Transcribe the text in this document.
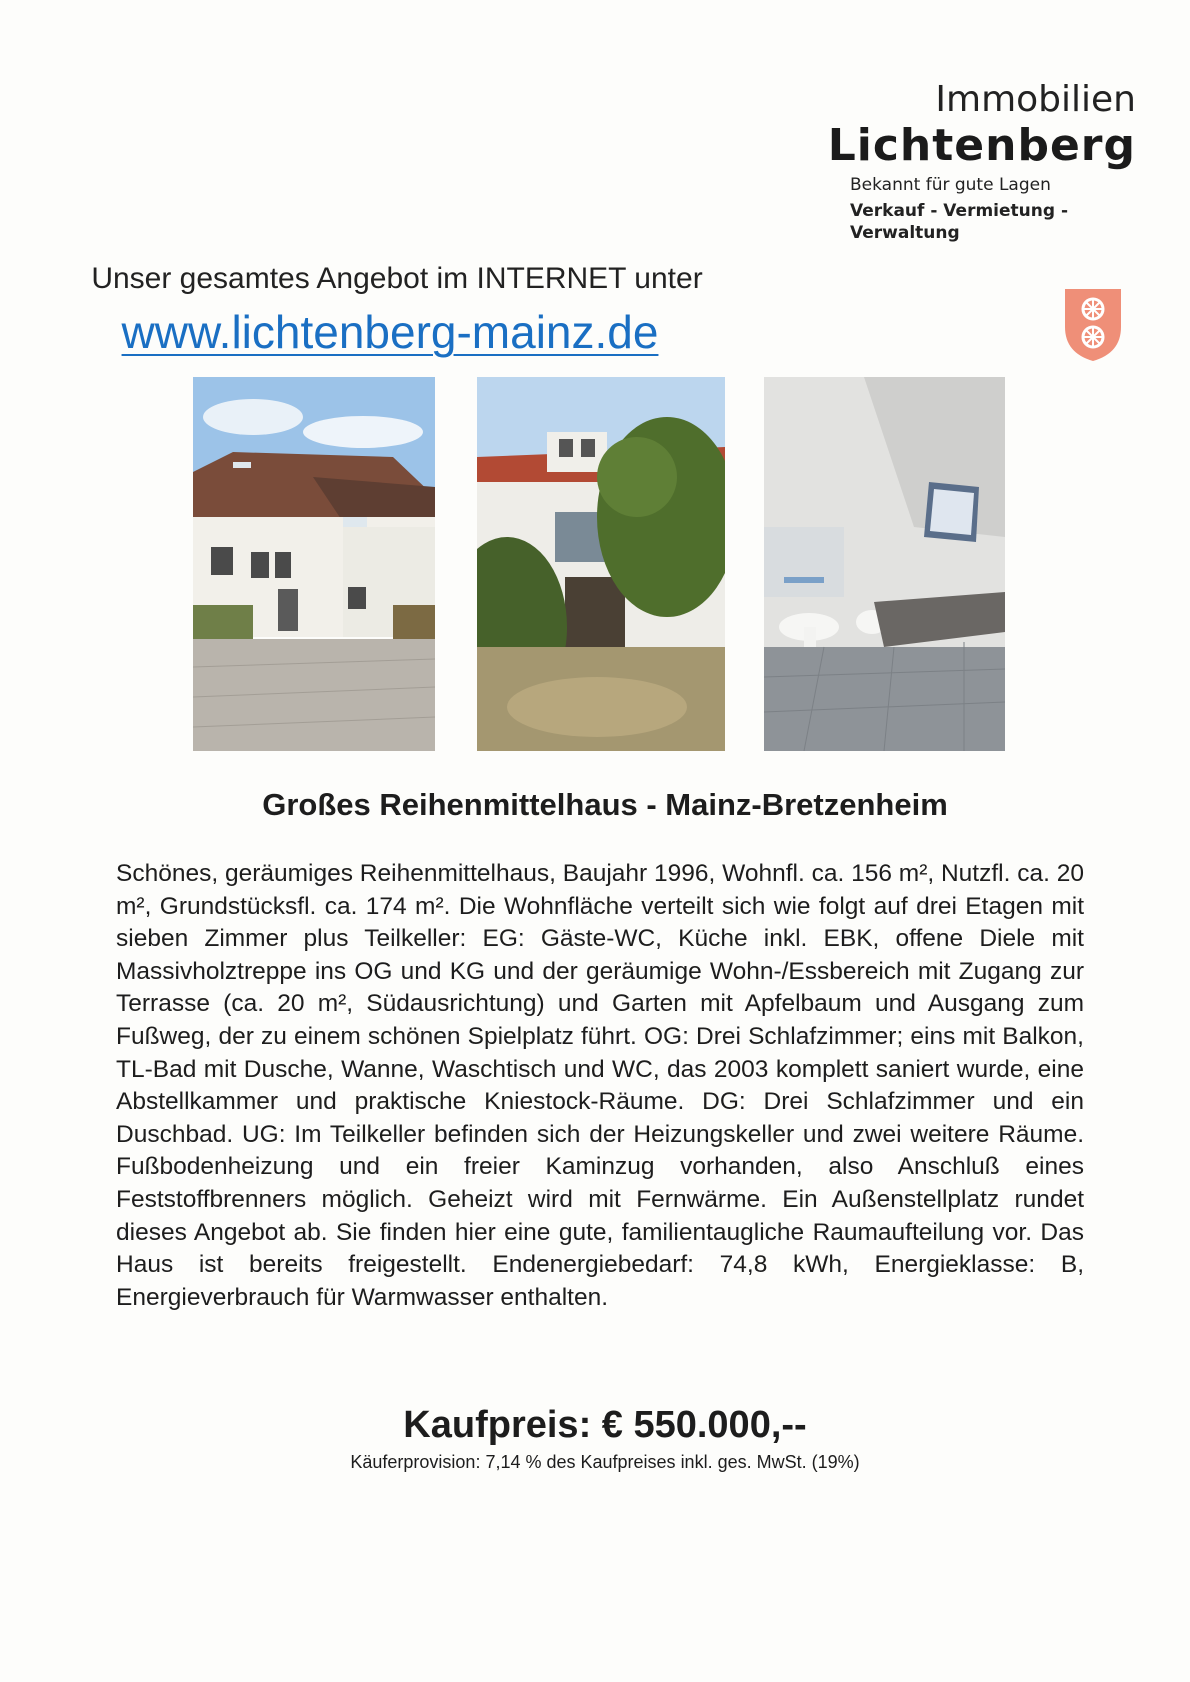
Immobilien
Lichtenberg
Bekannt für gute Lagen
Verkauf - Vermietung - Verwaltung
Unser gesamtes Angebot im INTERNET unter
www.lichtenberg-mainz.de
Großes Reihenmittelhaus - Mainz-Bretzenheim
Schönes, geräumiges Reihenmittelhaus, Baujahr 1996, Wohnfl. ca. 156 m², Nutzfl. ca. 20 m², Grundstücksfl. ca. 174 m². Die Wohnfläche verteilt sich wie folgt auf drei Etagen mit sieben Zimmer plus Teilkeller: EG: Gäste-WC, Küche inkl. EBK, offene Diele mit Massivholztreppe ins OG und KG und der geräumige Wohn-/Essbereich mit Zugang zur Terrasse (ca. 20 m², Südausrichtung) und Garten mit Apfelbaum und Ausgang zum Fußweg, der zu einem schönen Spielplatz führt. OG: Drei Schlafzimmer; eins mit Balkon, TL-Bad mit Dusche, Wanne, Waschtisch und WC, das 2003 komplett saniert wurde, eine Abstellkammer und praktische Kniestock-Räume. DG: Drei Schlafzimmer und ein Duschbad. UG: Im Teilkeller befinden sich der Heizungskeller und zwei weitere Räume. Fußbodenheizung und ein freier Kaminzug vorhanden, also Anschluß eines Feststoffbrenners möglich. Geheizt wird mit Fernwärme. Ein Außenstellplatz rundet dieses Angebot ab. Sie finden hier eine gute, familientaugliche Raumaufteilung vor. Das Haus ist bereits freigestellt. Endenergiebedarf: 74,8 kWh, Energieklasse: B, Energieverbrauch für Warmwasser enthalten.
Kaufpreis: € 550.000,--
Käuferprovision: 7,14 % des Kaufpreises inkl. ges. MwSt. (19%)
